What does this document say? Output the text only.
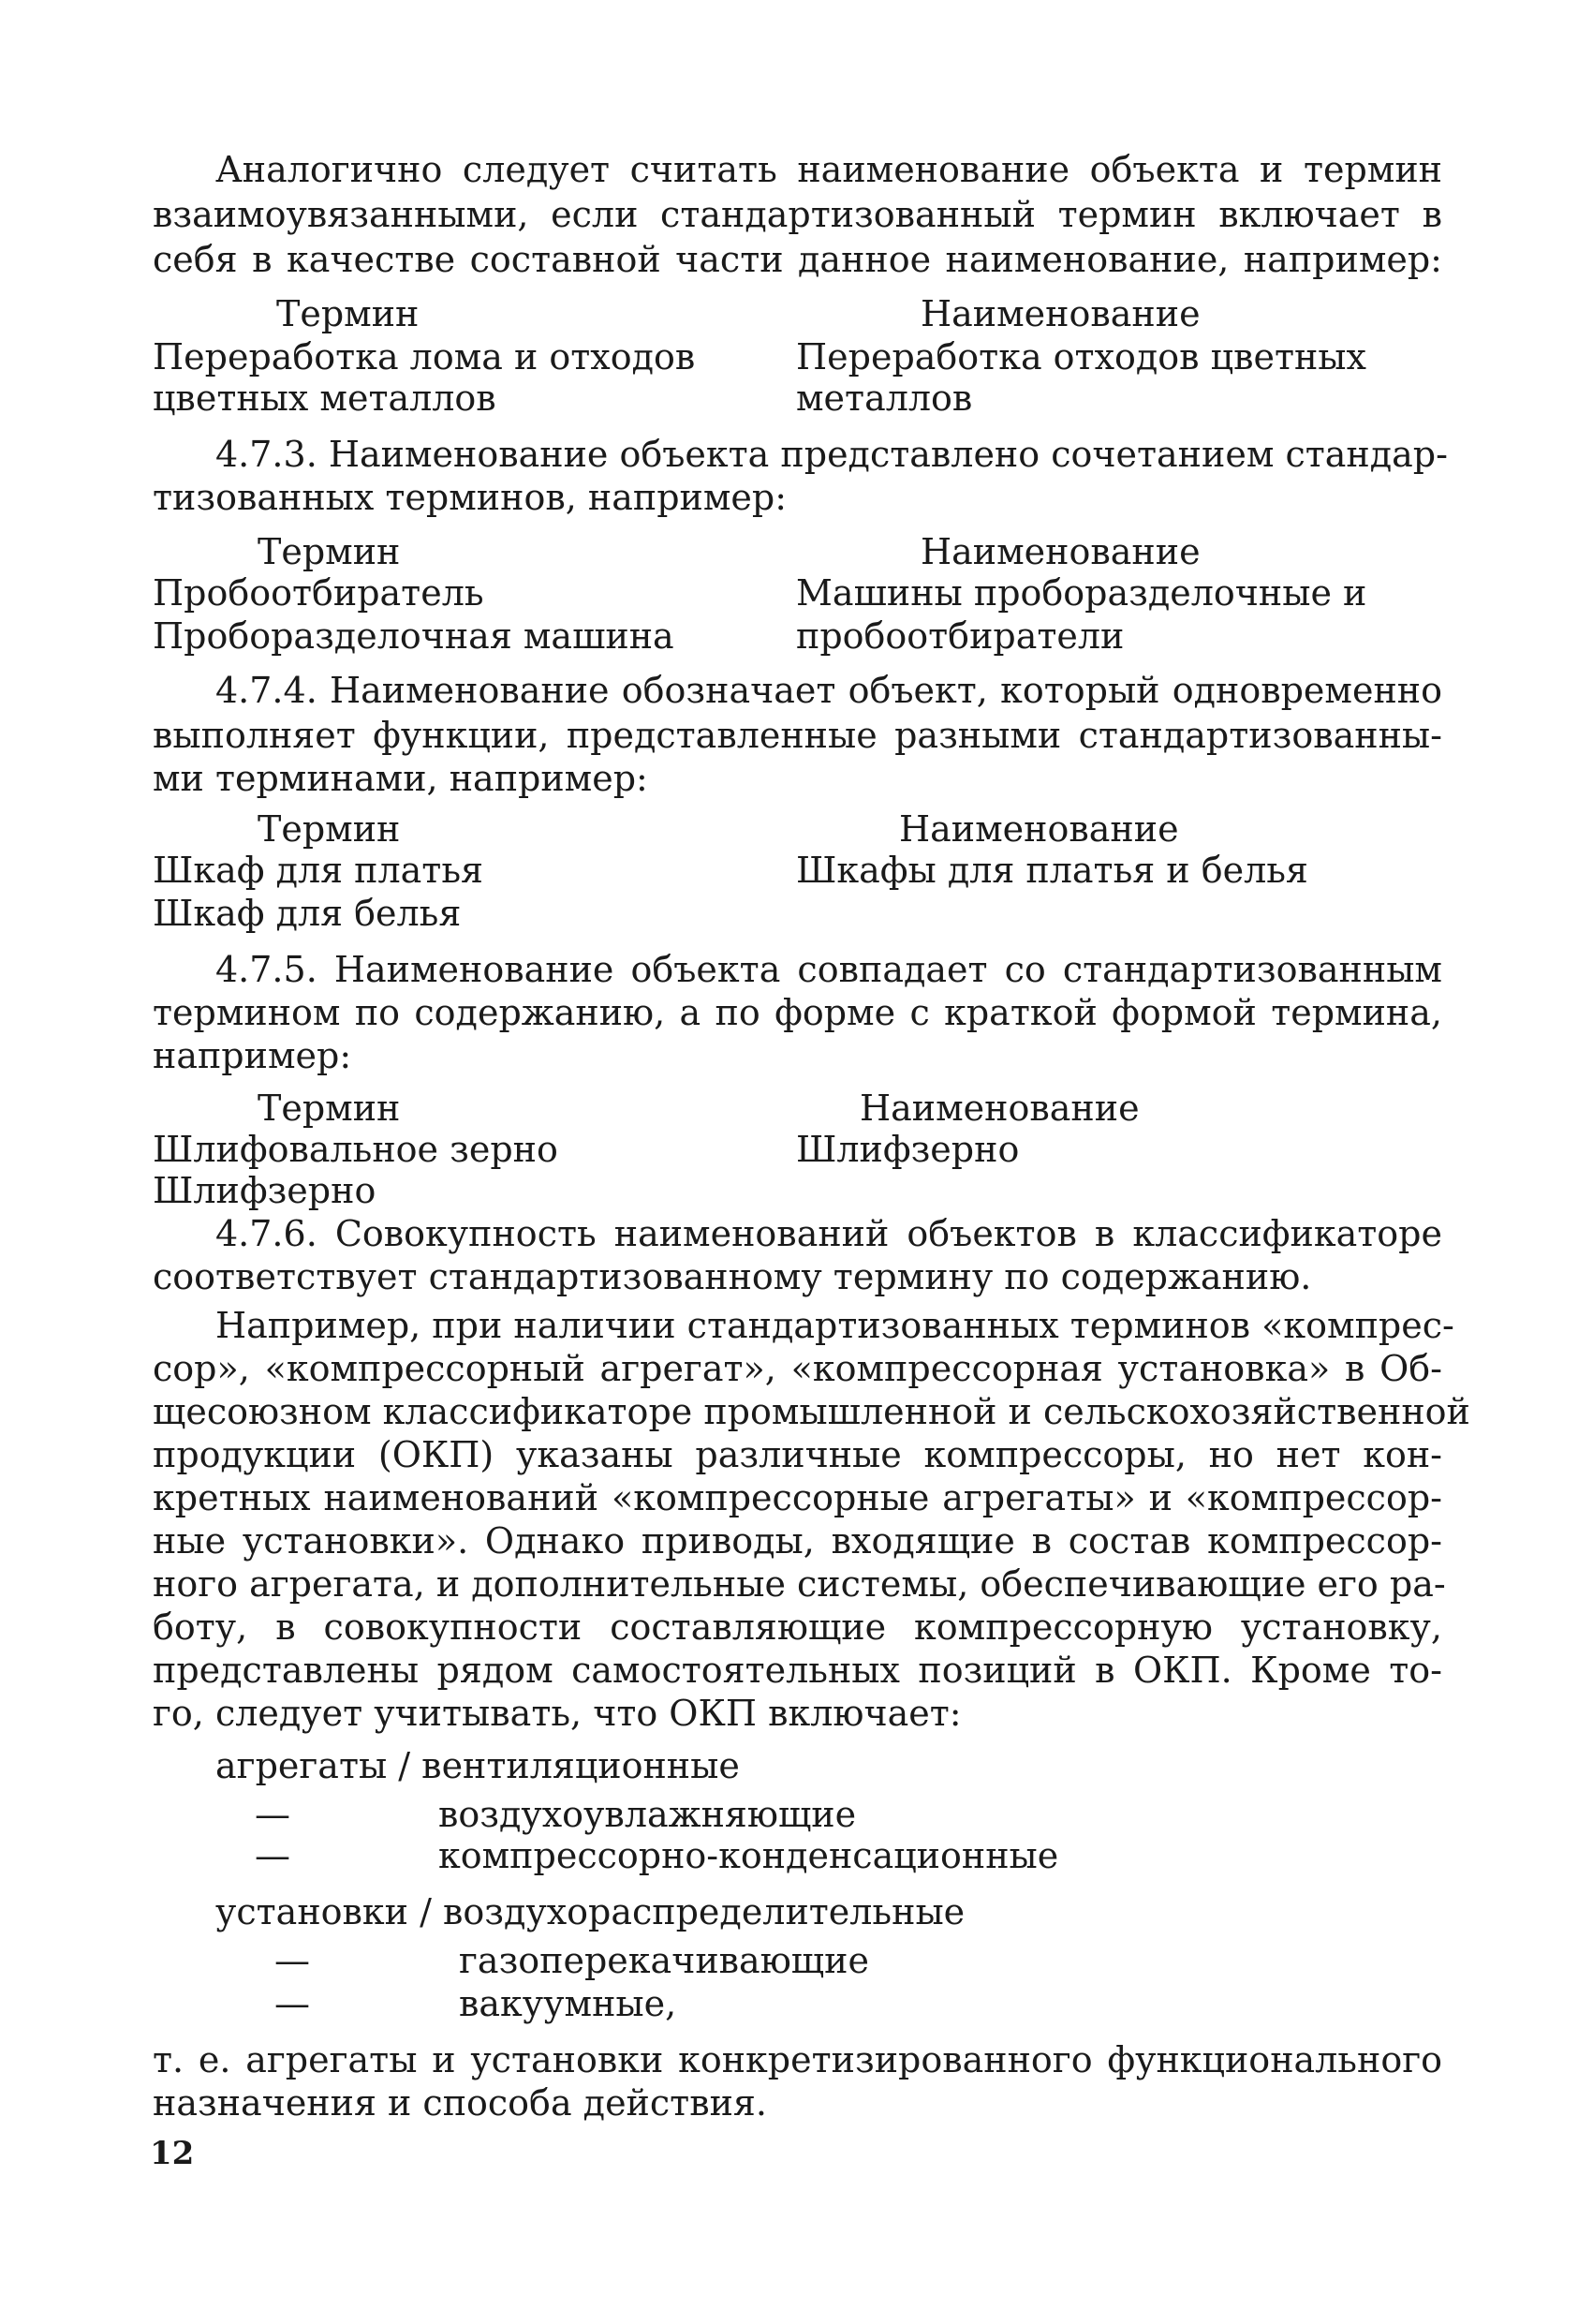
Аналогично следует считать наименование объекта и термин
взаимоувязанными, если стандартизованный термин включает в
себя в качестве составной части данное наименование, например:
Термин	Наименование
Переработка лома и отходов	Переработка отходов цветных
цветных металлов	металлов
4.7.3. Наименование объекта представлено сочетанием стандар-
тизованных терминов, например:
Термин	Наименование
Пробоотбиратель	Машины проборазделочные и
Проборазделочная машина	пробоотбиратели
4.7.4. Наименование обозначает объект, который одновременно
выполняет функции, представленные разными стандартизованны-
ми терминами, например:
Термин	Наименование
Шкаф для платья	Шкафы для платья и белья
Шкаф для белья
4.7.5. Наименование объекта совпадает со стандартизованным
термином по содержанию, а по форме с краткой формой термина,
например:
Термин	Наименование
Шлифовальное зерно	Шлифзерно
Шлифзерно
4.7.6. Совокупность наименований объектов в классификаторе
соответствует стандартизованному термину по содержанию.
Например, при наличии стандартизованных терминов «компрес-
сор», «компрессорный агрегат», «компрессорная установка» в Об-
щесоюзном классификаторе промышленной и сельскохозяйственной
продукции (ОКП) указаны различные компрессоры, но нет кон-
кретных наименований «компрессорные агрегаты» и «компрессор-
ные установки». Однако приводы, входящие в состав компрессор-
ного агрегата, и дополнительные системы, обеспечивающие его ра-
боту, в совокупности составляющие компрессорную установку,
представлены рядом самостоятельных позиций в ОКП. Кроме то-
го, следует учитывать, что ОКП включает:
агрегаты / вентиляционные
—	воздухоувлажняющие
—	компрессорно-конденсационные
установки / воздухораспределительные
—	газоперекачивающие
—	вакуумные,
т. е. агрегаты и установки конкретизированного функционального
назначения и способа действия.
12
